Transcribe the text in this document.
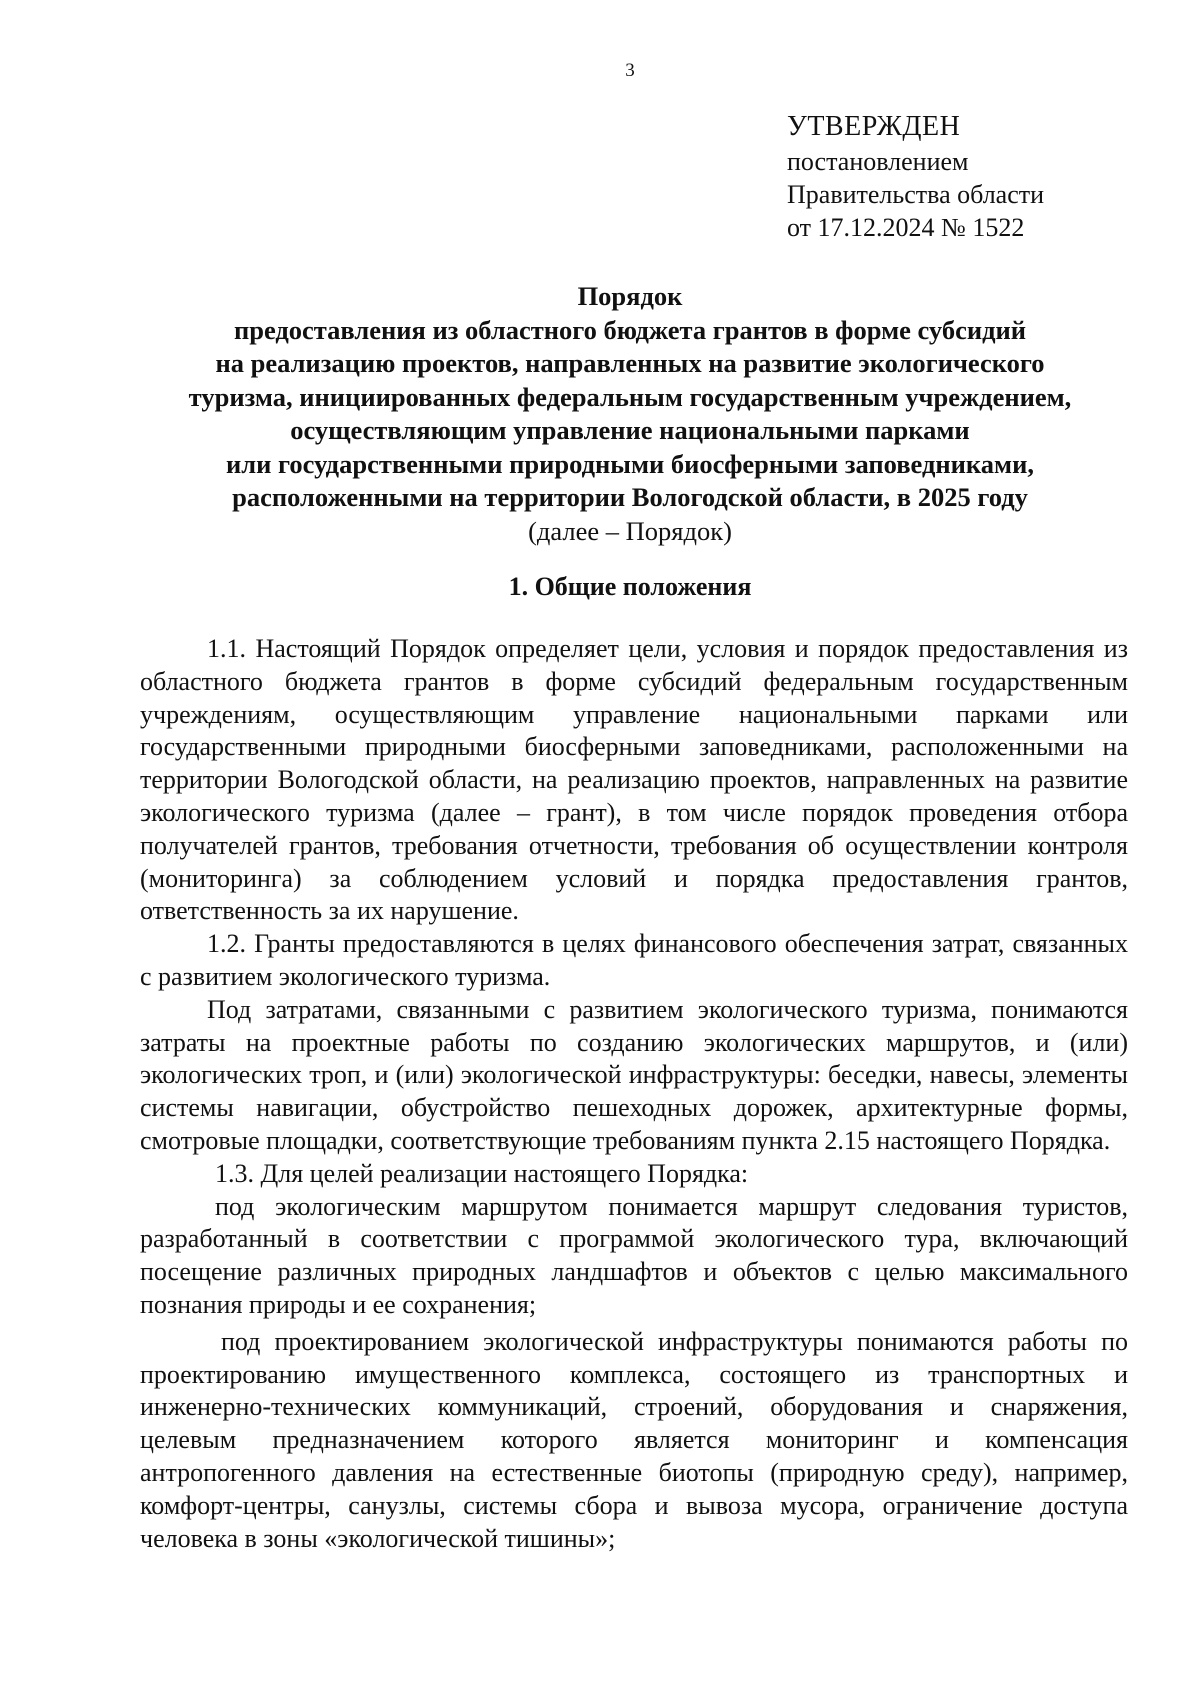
3
УТВЕРЖДЕН
постановлением
Правительства области
от 17.12.2024 № 1522
Порядок
предоставления из областного бюджета грантов в форме субсидий
на реализацию проектов, направленных на развитие экологического
туризма, инициированных федеральным государственным учреждением,
осуществляющим управление национальными парками
или государственными природными биосферными заповедниками,
расположенными на территории Вологодской области, в 2025 году
(далее – Порядок)
1. Общие положения

1.1. Настоящий Порядок определяет цели, условия и порядок предоставления из областного бюджета грантов в форме субсидий федеральным государственным учреждениям, осуществляющим управление национальными парками или государственными природными биосферными заповедниками, расположенными на территории Вологодской области, на реализацию проектов, направленных на развитие экологического туризма (далее – грант), в том числе порядок проведения отбора получателей грантов, требования отчетности, требования об осуществлении контроля (мониторинга) за соблюдением условий и порядка предоставления грантов, ответственность за их нарушение.

1.2. Гранты предоставляются в целях финансового обеспечения затрат, связанных с развитием экологического туризма.

Под затратами, связанными с развитием экологического туризма, понимаются затраты на проектные работы по созданию экологических маршрутов, и (или) экологических троп, и (или) экологической инфраструктуры: беседки, навесы, элементы системы навигации, обустройство пешеходных дорожек, архитектурные формы, смотровые площадки, соответствующие требованиям пункта 2.15 настоящего Порядка.

1.3. Для целей реализации настоящего Порядка:

под экологическим маршрутом понимается маршрут следования туристов, разработанный в соответствии с программой экологического тура, включающий посещение различных природных ландшафтов и объектов с целью максимального познания природы и ее сохранения;

под проектированием экологической инфраструктуры понимаются работы по проектированию имущественного комплекса, состоящего из транспортных и инженерно-технических коммуникаций, строений, оборудования и снаряжения, целевым предназначением которого является мониторинг и компенсация антропогенного давления на естественные биотопы (природную среду), например, комфорт-центры, санузлы, системы сбора и вывоза мусора, ограничение доступа человека в зоны «экологической тишины»;
